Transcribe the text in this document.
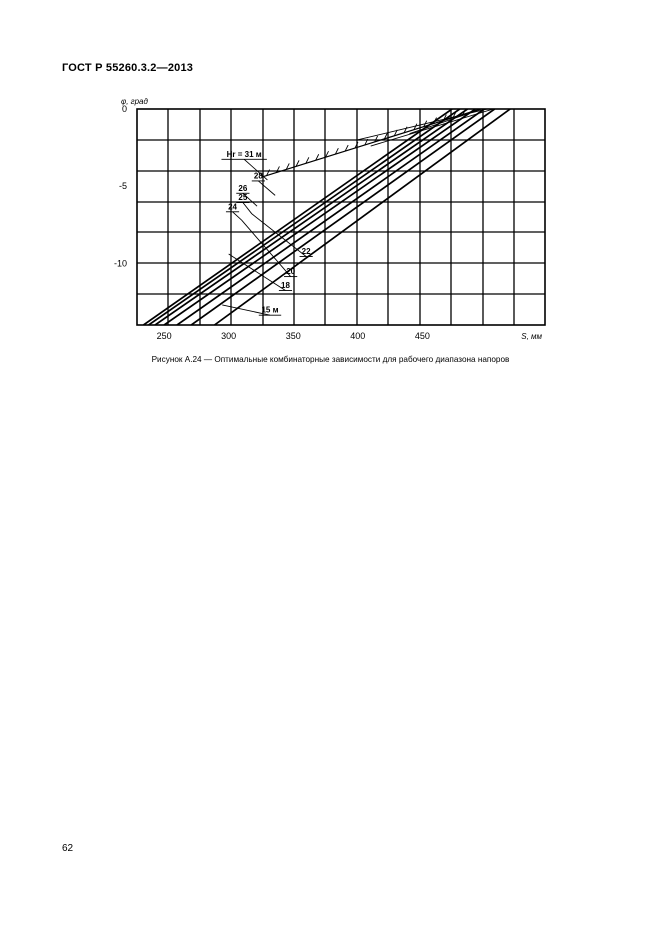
ГОСТ Р 55260.3.2—2013
250	300	350	400	450
0
-5
-10
S, мм
φ, град
Hr = 31 м
28
26
25
24
22
20
18
15 м
Рисунок А.24 — Оптимальные комбинаторные зависимости для рабочего диапазона напоров
62
